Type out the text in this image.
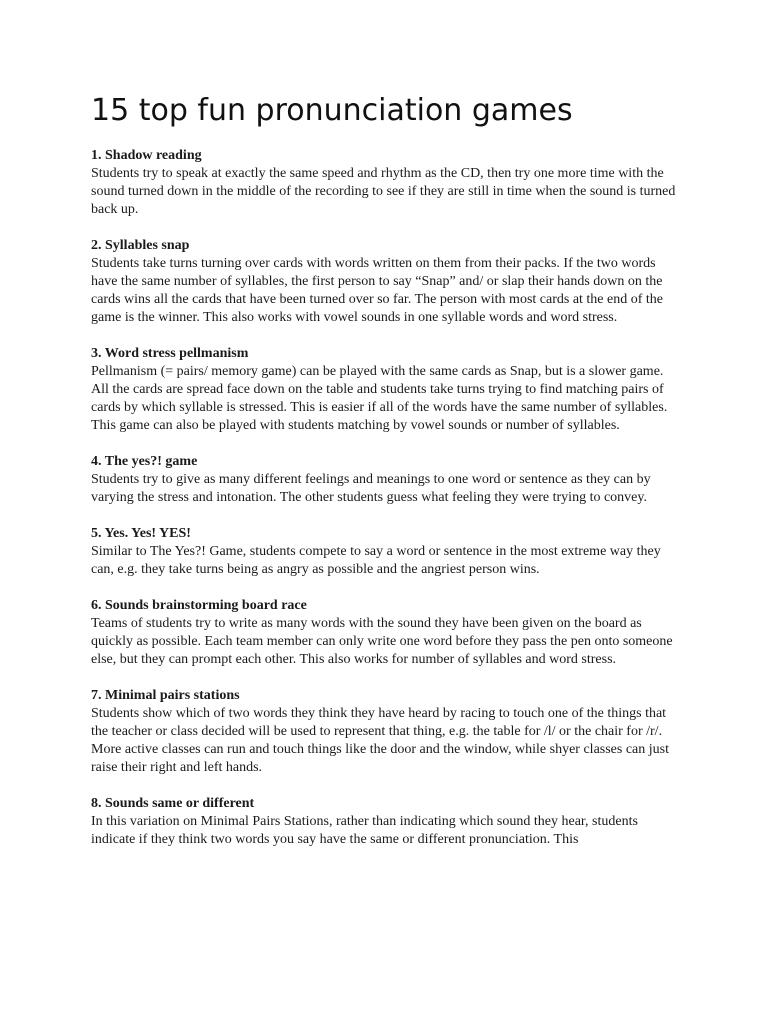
15 top fun pronunciation games
1. Shadow reading

Students try to speak at exactly the same speed and rhythm as the CD, then try one more time with the sound turned down in the middle of the recording to see if they are still in time when the sound is turned back up.

2. Syllables snap

Students take turns turning over cards with words written on them from their packs. If the two words have the same number of syllables, the first person to say “Snap” and/ or slap their hands down on the cards wins all the cards that have been turned over so far. The person with most cards at the end of the game is the winner. This also works with vowel sounds in one syllable words and word stress.

3. Word stress pellmanism

Pellmanism (= pairs/ memory game) can be played with the same cards as Snap, but is a slower game. All the cards are spread face down on the table and students take turns trying to find matching pairs of cards by which syllable is stressed. This is easier if all of the words have the same number of syllables. This game can also be played with students matching by vowel sounds or number of syllables.

4. The yes?! game

Students try to give as many different feelings and meanings to one word or sentence as they can by varying the stress and intonation. The other students guess what feeling they were trying to convey.

5. Yes. Yes! YES!

Similar to The Yes?! Game, students compete to say a word or sentence in the most extreme way they can, e.g. they take turns being as angry as possible and the angriest person wins.

6. Sounds brainstorming board race

Teams of students try to write as many words with the sound they have been given on the board as quickly as possible. Each team member can only write one word before they pass the pen onto someone else, but they can prompt each other. This also works for number of syllables and word stress.

7. Minimal pairs stations

Students show which of two words they think they have heard by racing to touch one of the things that the teacher or class decided will be used to represent that thing, e.g. the table for /l/ or the chair for /r/. More active classes can run and touch things like the door and the window, while shyer classes can just raise their right and left hands.

8. Sounds same or different

In this variation on Minimal Pairs Stations, rather than indicating which sound they hear, students indicate if they think two words you say have the same or different pronunciation. This
